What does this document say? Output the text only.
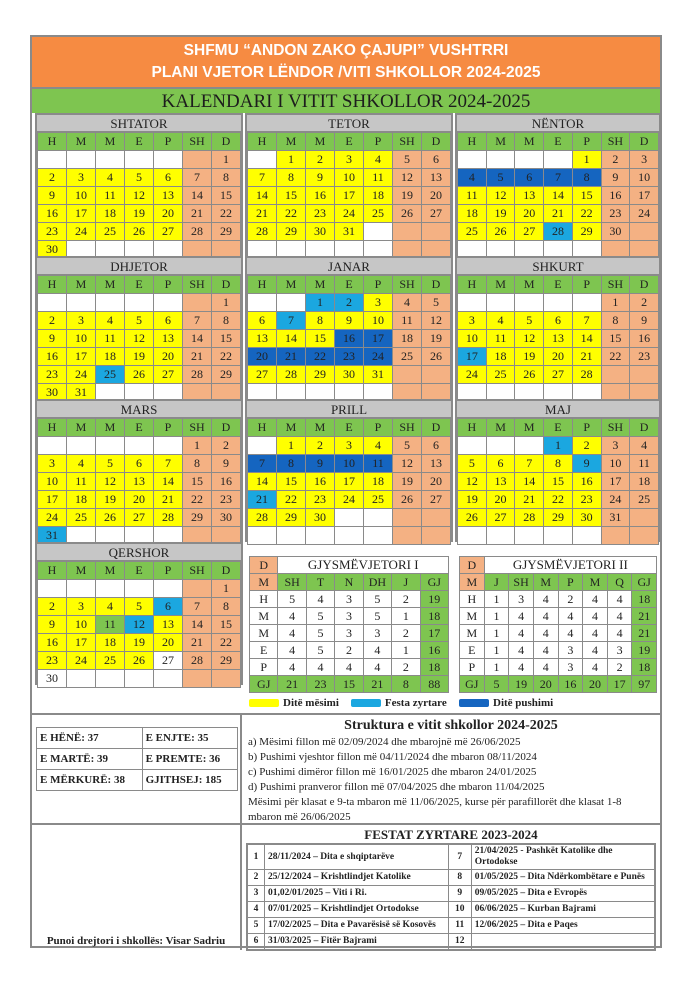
SHFMU “ANDON ZAKO ÇAJUPI” VUSHTRRI
PLANI VJETOR LËNDOR /VITI SHKOLLOR 2024-2025
KALENDARI I VITIT SHKOLLOR 2024-2025
SHTATOR
H	M	M	E	P	SH	D
						1
2	3	4	5	6	7	8
9	10	11	12	13	14	15
16	17	18	19	20	21	22
23	24	25	26	27	28	29
30						
TETOR
H	M	M	E	P	SH	D
	1	2	3	4	5	6
7	8	9	10	11	12	13
14	15	16	17	18	19	20
21	22	23	24	25	26	27
28	29	30	31			

NËNTOR
H	M	M	E	P	SH	D
				1	2	3
4	5	6	7	8	9	10
11	12	13	14	15	16	17
18	19	20	21	22	23	24
25	26	27	28	29	30	

DHJETOR
H	M	M	E	P	SH	D
						1
2	3	4	5	6	7	8
9	10	11	12	13	14	15
16	17	18	19	20	21	22
23	24	25	26	27	28	29
30	31					
JANAR
H	M	M	E	P	SH	D
		1	2	3	4	5
6	7	8	9	10	11	12
13	14	15	16	17	18	19
20	21	22	23	24	25	26
27	28	29	30	31		

SHKURT
H	M	M	E	P	SH	D
					1	2
3	4	5	6	7	8	9
10	11	12	13	14	15	16
17	18	19	20	21	22	23
24	25	26	27	28		

MARS
H	M	M	E	P	SH	D
					1	2
3	4	5	6	7	8	9
10	11	12	13	14	15	16
17	18	19	20	21	22	23
24	25	26	27	28	29	30
31						
PRILL
H	M	M	E	P	SH	D
	1	2	3	4	5	6
7	8	9	10	11	12	13
14	15	16	17	18	19	20
21	22	23	24	25	26	27
28	29	30				

MAJ
H	M	M	E	P	SH	D
			1	2	3	4
5	6	7	8	9	10	11
12	13	14	15	16	17	18
19	20	21	22	23	24	25
26	27	28	29	30	31	

QERSHOR
H	M	M	E	P	SH	D
						1
2	3	4	5	6	7	8
9	10	11	12	13	14	15
16	17	18	19	20	21	22
23	24	25	26	27	28	29
30						
D	GJYSMËVJETORI I					
M	SH	T	N	DH	J	GJ
H	5	4	3	5	2	19
M	4	5	3	5	1	18
M	4	5	3	3	2	17
E	4	5	2	4	1	16
P	4	4	4	4	2	18
GJ	21	23	15	21	8	88
Ditë mësimi	Festa zyrtare
D	GJYSMËVJETORI II						
M	J	SH	M	P	M	Q	GJ
H	1	3	4	2	4	4	18
M	1	4	4	4	4	4	21
M	1	4	4	4	4	4	21
E	1	4	4	3	4	3	19
P	1	4	4	3	4	2	18
GJ	5	19	20	16	20	17	97
Ditë pushimi
E HËNË: 37	E ENJTE: 35
E MARTË: 39	E PREMTE: 36
E MËRKURË: 38	GJITHSEJ: 185
Struktura e vitit shkollor 2024-2025
a) Mësimi fillon më 02/09/2024 dhe mbarojnë më 26/06/2025
b) Pushimi vjeshtor fillon më 04/11/2024 dhe mbaron 08/11/2024
c) Pushimi dimëror fillon më 16/01/2025 dhe mbaron 24/01/2025
d) Pushimi pranveror fillon më 07/04/2025 dhe mbaron 11/04/2025
Mësimi për klasat e 9-ta mbaron më 11/06/2025, kurse për parafillorët dhe klasat 1-8 mbaron më 26/06/2025
Punoi drejtori i shkollës: Visar Sadriu
FESTAT ZYRTARE 2023-2024
1	28/11/2024 – Dita e shqiptarëve	7	21/04/2025 - Pashkët Katolike dhe Ortodokse
2	25/12/2024 – Krishtlindjet Katolike	8	01/05/2025 – Dita Ndërkombëtare e Punës
3	01,02/01/2025 – Viti i Ri.	9	09/05/2025 – Dita e Evropës
4	07/01/2025 – Krishtlindjet Ortodokse	10	06/06/2025 – Kurban Bajrami
5	17/02/2025 – Dita e Pavarësisë së Kosovës	11	12/06/2025 – Dita e Paqes
6	31/03/2025 – Fitër Bajrami	12	
